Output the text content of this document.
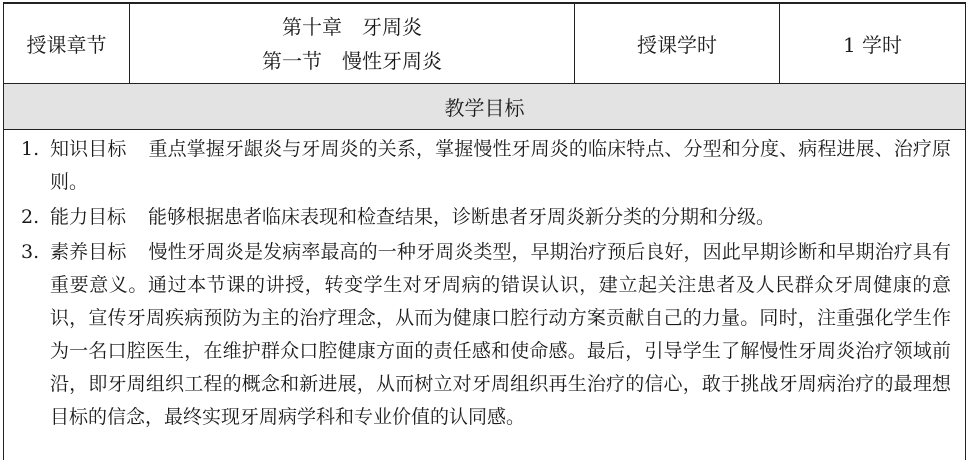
授课章节
第十章　牙周炎
第一节　慢性牙周炎
授课学时	1 学时
教学目标
1. 知识目标 重点掌握牙龈炎与牙周炎的关系，掌握慢性牙周炎的临床特点、分型和分度、病程进展、治疗原则。
2. 能力目标 能够根据患者临床表现和检查结果，诊断患者牙周炎新分类的分期和分级。
3. 素养目标 慢性牙周炎是发病率最高的一种牙周炎类型，早期治疗预后良好，因此早期诊断和早期治疗具有重要意义。通过本节课的讲授，转变学生对牙周病的错误认识，建立起关注患者及人民群众牙周健康的意识，宣传牙周疾病预防为主的治疗理念，从而为健康口腔行动方案贡献自己的力量。同时，注重强化学生作为一名口腔医生，在维护群众口腔健康方面的责任感和使命感。最后，引导学生了解慢性牙周炎治疗领域前沿，即牙周组织工程的概念和新进展，从而树立对牙周组织再生治疗的信心，敢于挑战牙周病治疗的最理想目标的信念，最终实现牙周病学科和专业价值的认同感。
